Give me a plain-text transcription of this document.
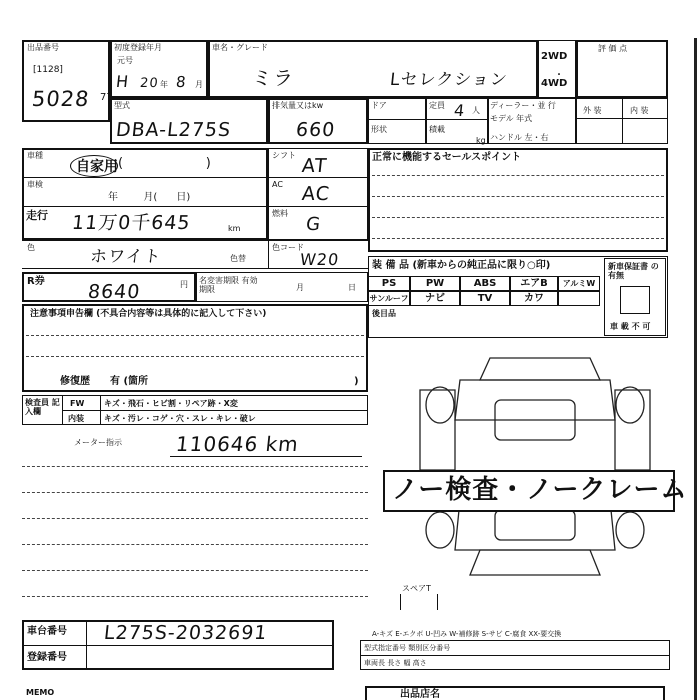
出品番号
[1128]
5028 77
初度登録年月
元号
H 20 年 8 月
車名・グレード
ミラ	Lセレクション
2WD
4WD
・
評 価 点
型式
DBA-L275S
排気量又はkw
660
ドア
形状
定員 4 人
積載
kg
ディーラー・並 行
モデル 年式
ハンドル 左・右
外 装	内 装
車種
自家用 (                    )
車検
年        月(      日)
走行 11万0千645	km
シフト AT
AC AC
燃料
G
色	ホワイト	色替
色コード
W20
R券 8640	円 名変害期限 有効期限	月	日
注意事項申告欄 (不具合内容等は具体的に記入して下さい)
修復歴 有 (箇所	)
検査員 記入欄
FW キズ・飛石・ヒビ割・リペア跡・X変
内装	キズ・汚レ・コゲ・穴・スレ・キレ・破レ
メーター指示	110646 km
正常に機能するセールスポイント
装 備 品 (新車からの純正品に限り○印)
PS	PW	ABS	エアB	アルミW
サンルーフ	ナビ	TV	カワ
後目品
新車保証書 の有無
車 載 不 可
ノー検査・ノークレーム
スペアT
車台番号 L275S-2032691
登録番号
A-キズ E-エクボ U-凹み W-補修跡 S-サビ C-腐食 XX-要交換
型式指定番号 類別区分番号
車両長 長さ 幅 高さ
MEMO	出品店名
